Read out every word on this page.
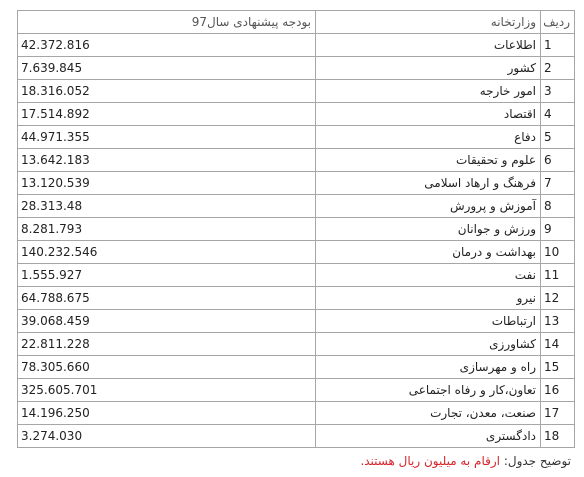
ردیف	وزارتخانه	بودجه پیشنهادی سال97
1	اطلاعات	42.372.816
2	کشور	7.639.845
3	امور خارجه	18.316.052
4	اقتصاد	17.514.892
5	دفاع	44.971.355
6	علوم و تحقیقات	13.642.183
7	فرهنگ و ارهاد اسلامی	13.120.539
8	آموزش و پرورش	28.313.48
9	ورزش و جوانان	8.281.793
10	بهداشت و درمان	140.232.546
11	نفت	1.555.927
12	نیرو	64.788.675
13	ارتباطات	39.068.459
14	کشاورزی	22.811.228
15	راه و مهرسازی	78.305.660
16	تعاون،کار و رفاه اجتماعی	325.605.701
17	صنعت، معدن، تجارت	14.196.250
18	دادگستری	3.274.030
توضیح جدول: ارقام به میلیون ریال هستند.
